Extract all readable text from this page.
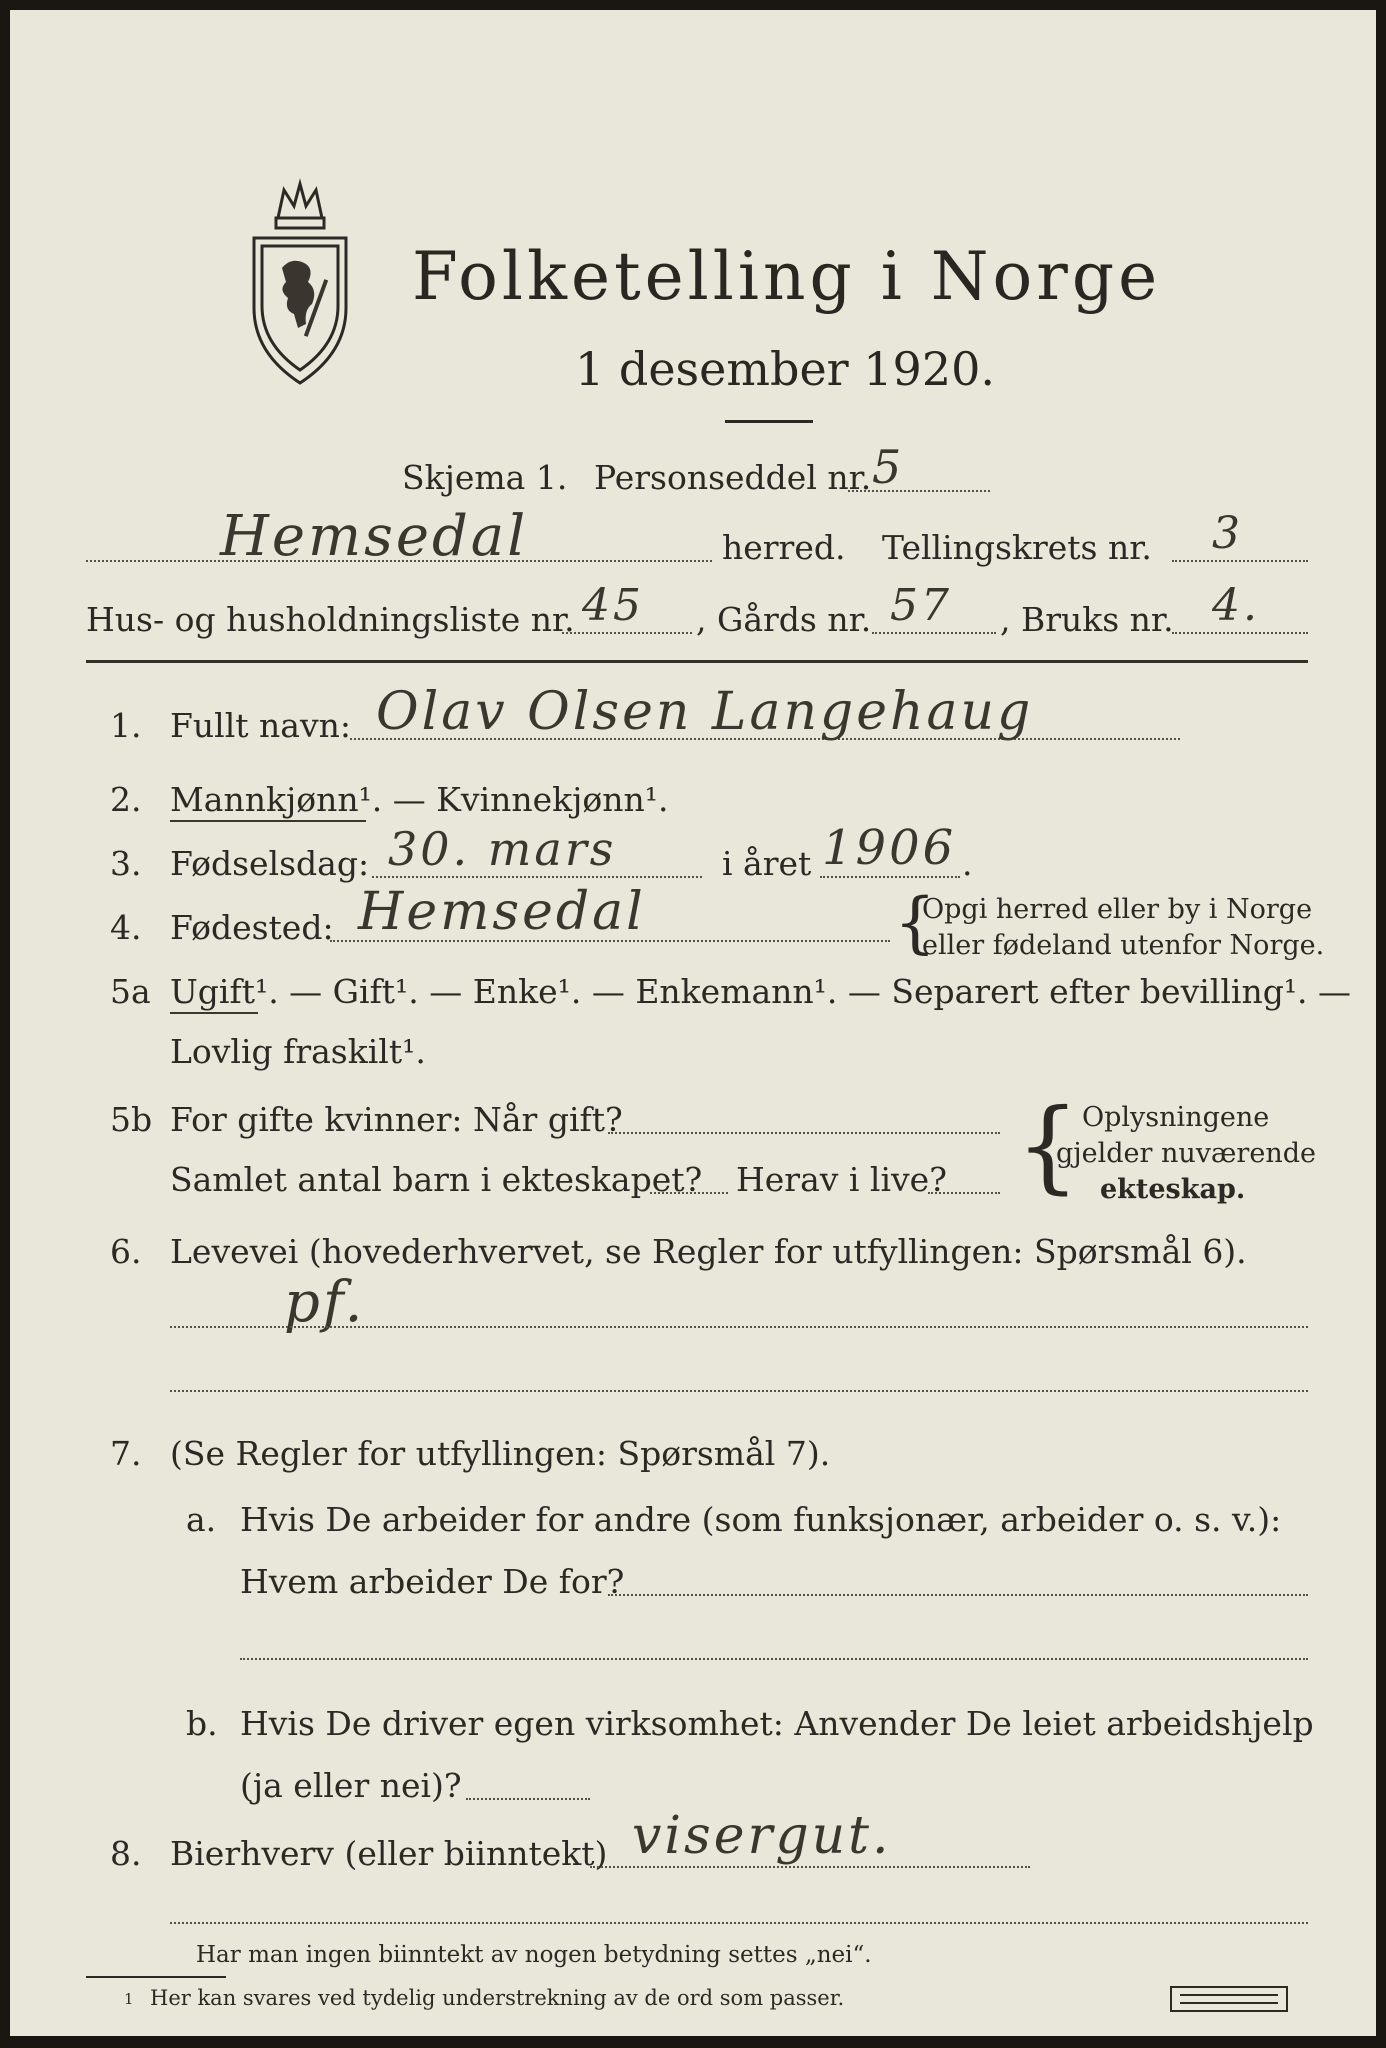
Folketelling i Norge
1 desember 1920.
Skjema 1. Personseddel nr. 5
Hemsedal	herred. Tellingskrets nr. 3
Hus- og husholdningsliste nr. 45 , Gårds nr. 57 , Bruks nr. 4.
1. Fullt navn: Olav Olsen Langehaug
2. Mannkjønn¹. — Kvinnekjønn¹.
3. Fødselsdag: 30. mars	i året 1906 .
4. Fødested: Hemsedal	{
Opgi herred eller by i Norge
eller fødeland utenfor Norge.
5a Ugift¹. — Gift¹. — Enke¹. — Enkemann¹. — Separert efter bevilling¹. —
Lovlig fraskilt¹.
5b For gifte kvinner: Når gift?
Samlet antal barn i ekteskapet? Herav i live? { Oplysningene
gjelder nuværende
ekteskap.
6. Levevei (hovederhvervet, se Regler for utfyllingen: Spørsmål 6).
pf.
7. (Se Regler for utfyllingen: Spørsmål 7).
a. Hvis De arbeider for andre (som funksjonær, arbeider o. s. v.):
Hvem arbeider De for?
b. Hvis De driver egen virksomhet: Anvender De leiet arbeidshjelp
(ja eller nei)?
8. Bierhverv (eller biinntekt) visergut.
Har man ingen biinntekt av nogen betydning settes „nei“.
1 Her kan svares ved tydelig understrekning av de ord som passer.
